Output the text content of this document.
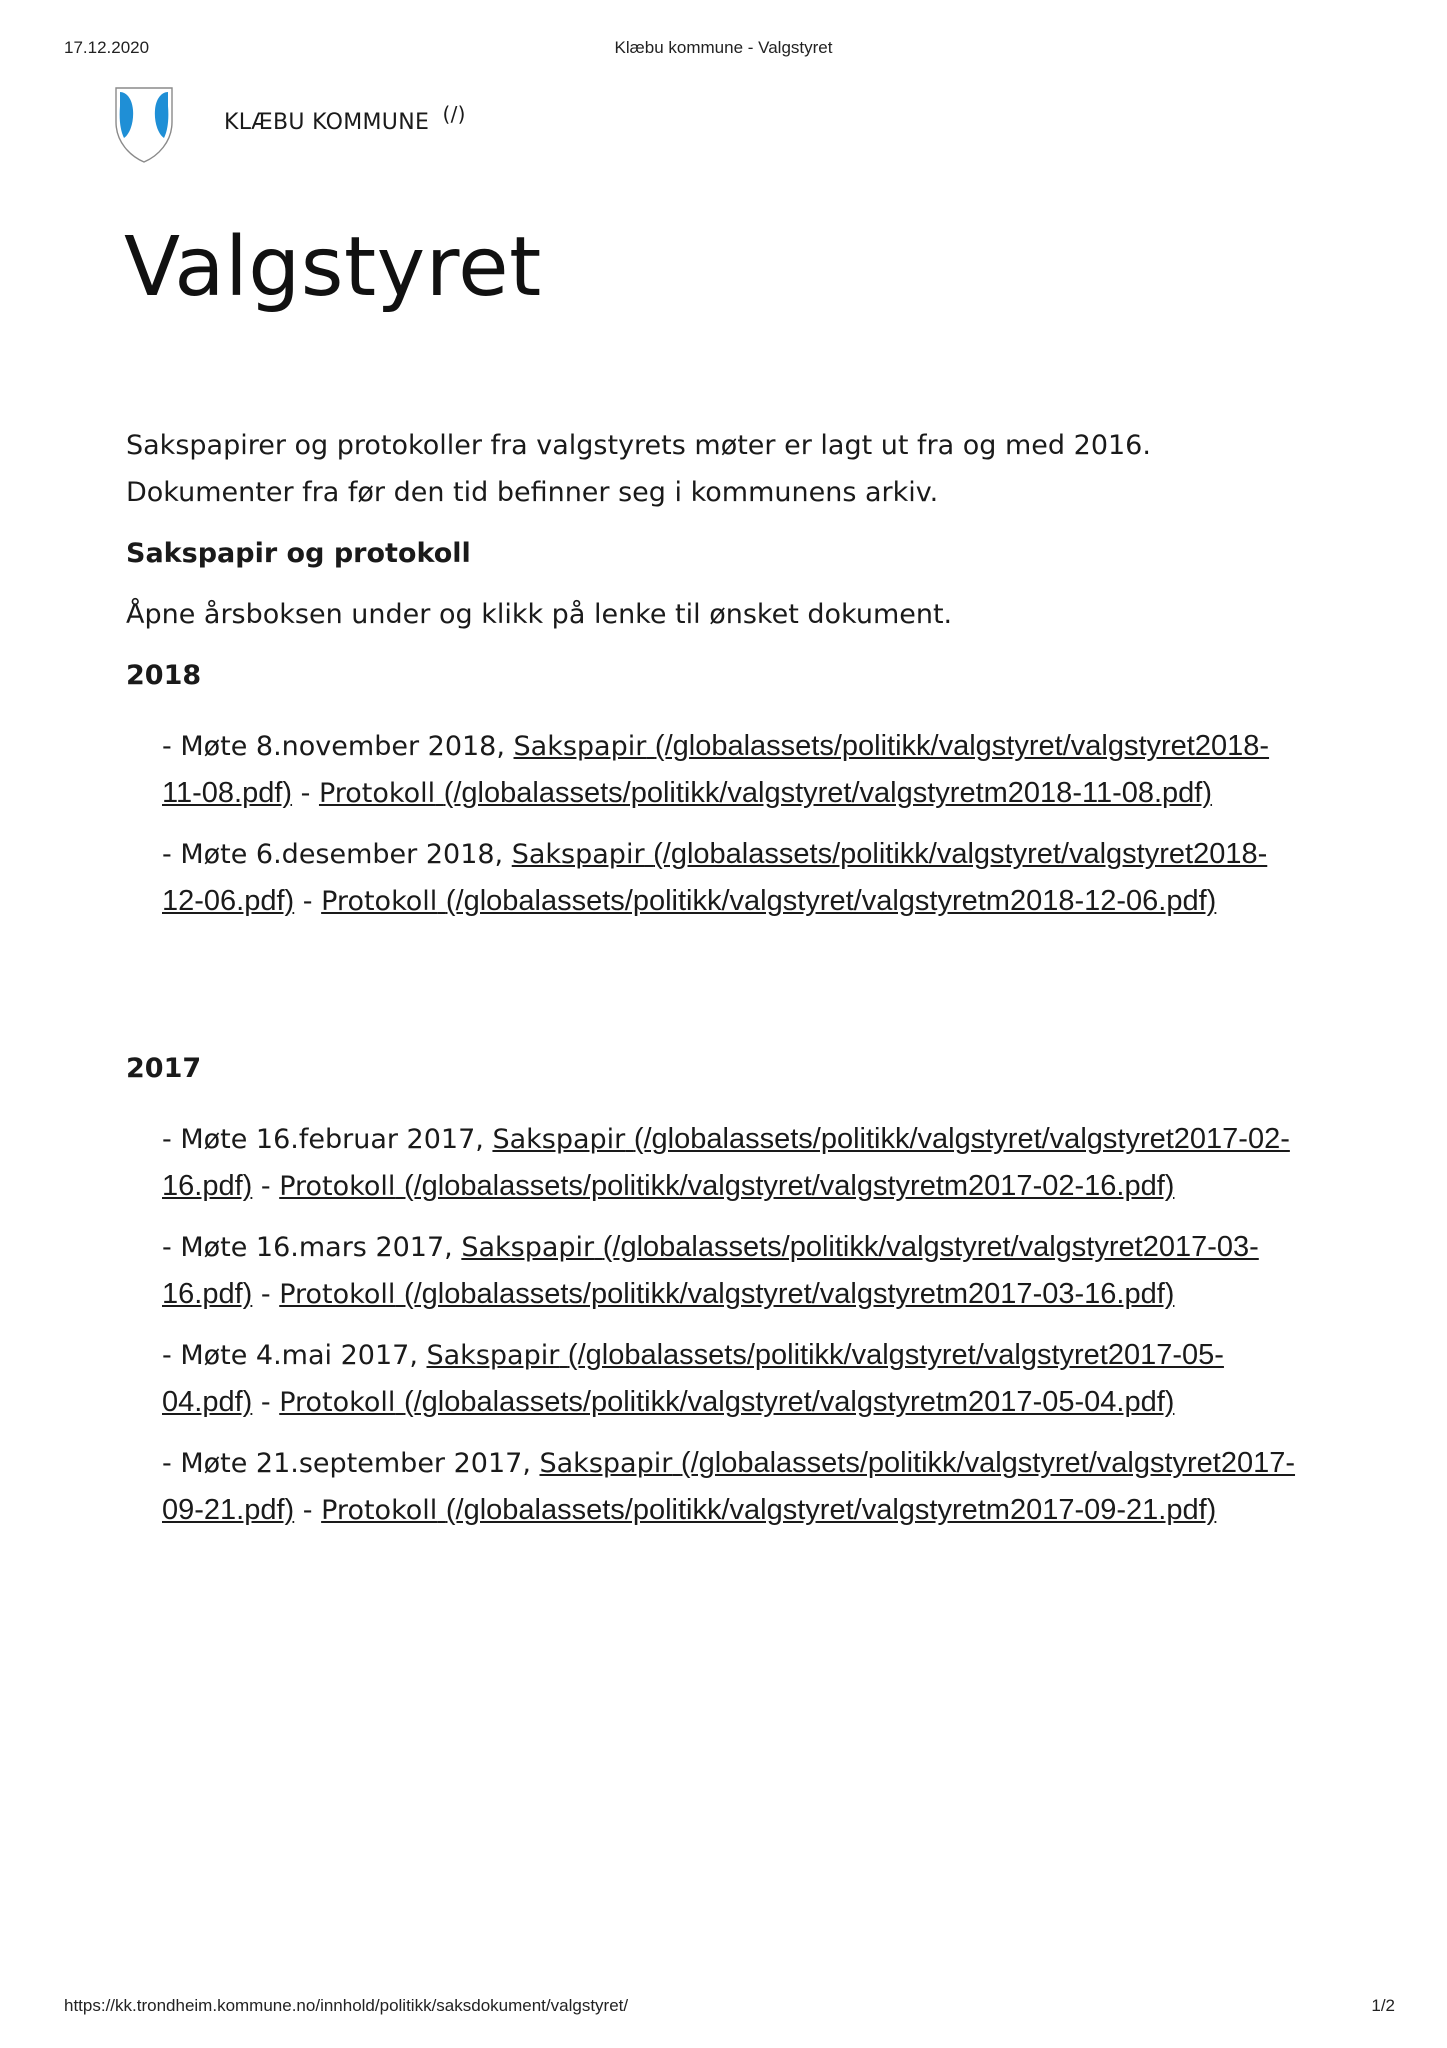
17.12.2020	Klæbu kommune - Valgstyret
KLÆBU KOMMUNE (/)
Valgstyret

Sakspapirer og protokoller fra valgstyrets møter er lagt ut fra og med 2016. Dokumenter fra før den tid befinner seg i kommunens arkiv.

Sakspapir og protokoll

Åpne årsboksen under og klikk på lenke til ønsket dokument.

2018

- Møte 8.november 2018, Sakspapir (/globalassets/politikk/valgstyret/valgstyret2018-11-08.pdf) - Protokoll (/globalassets/politikk/valgstyret/valgstyretm2018-11-08.pdf)

- Møte 6.desember 2018, Sakspapir (/globalassets/politikk/valgstyret/valgstyret2018-12-06.pdf) - Protokoll (/globalassets/politikk/valgstyret/valgstyretm2018-12-06.pdf)

2017

- Møte 16.februar 2017, Sakspapir (/globalassets/politikk/valgstyret/valgstyret2017-02-16.pdf) - Protokoll (/globalassets/politikk/valgstyret/valgstyretm2017-02-16.pdf)

- Møte 16.mars 2017, Sakspapir (/globalassets/politikk/valgstyret/valgstyret2017-03-16.pdf) - Protokoll (/globalassets/politikk/valgstyret/valgstyretm2017-03-16.pdf)

- Møte 4.mai 2017, Sakspapir (/globalassets/politikk/valgstyret/valgstyret2017-05-04.pdf) - Protokoll (/globalassets/politikk/valgstyret/valgstyretm2017-05-04.pdf)

- Møte 21.september 2017, Sakspapir (/globalassets/politikk/valgstyret/valgstyret2017-09-21.pdf) - Protokoll (/globalassets/politikk/valgstyret/valgstyretm2017-09-21.pdf)

https://kk.trondheim.kommune.no/innhold/politikk/saksdokument/valgstyret/	1/2
